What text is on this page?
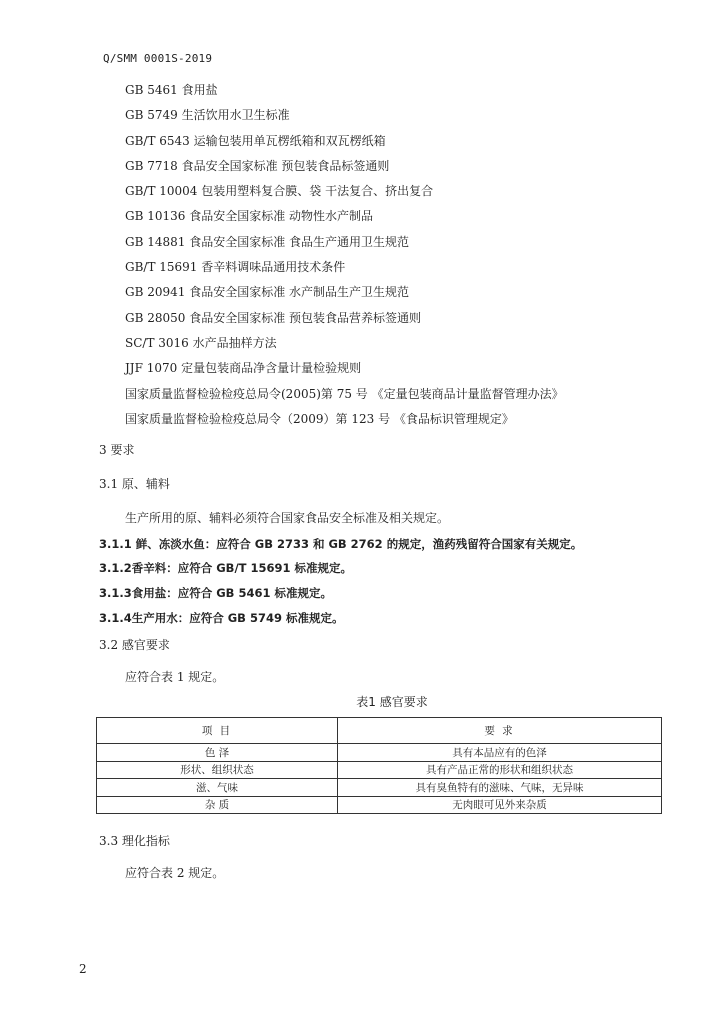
Q/SMM 0001S-2019
GB 5461 食用盐
GB 5749 生活饮用水卫生标准
GB/T 6543 运输包装用单瓦楞纸箱和双瓦楞纸箱
GB 7718 食品安全国家标准 预包装食品标签通则
GB/T 10004 包装用塑料复合膜、袋 干法复合、挤出复合
GB 10136 食品安全国家标准 动物性水产制品
GB 14881 食品安全国家标准 食品生产通用卫生规范
GB/T 15691 香辛料调味品通用技术条件
GB 20941 食品安全国家标准 水产制品生产卫生规范
GB 28050 食品安全国家标准 预包装食品营养标签通则
SC/T 3016 水产品抽样方法
JJF 1070 定量包装商品净含量计量检验规则
国家质量监督检验检疫总局令(2005)第 75 号 《定量包装商品计量监督管理办法》
国家质量监督检验检疫总局令（2009）第 123 号 《食品标识管理规定》
3 要求
3.1 原、辅料
生产所用的原、辅料必须符合国家食品安全标准及相关规定。
3.1.1 鲜、冻淡水鱼：应符合 GB 2733 和 GB 2762 的规定，渔药残留符合国家有关规定。
3.1.2香辛料：应符合 GB/T 15691 标准规定。
3.1.3食用盐：应符合 GB 5461 标准规定。
3.1.4生产用水：应符合 GB 5749 标准规定。
3.2 感官要求
应符合表 1 规定。
表1 感官要求
项 目	要 求
色 泽	具有本品应有的色泽
形状、组织状态	具有产品正常的形状和组织状态
滋、气味	具有臭鱼特有的滋味、气味，无异味
杂 质	无肉眼可见外来杂质
3.3 理化指标
应符合表 2 规定。
2
